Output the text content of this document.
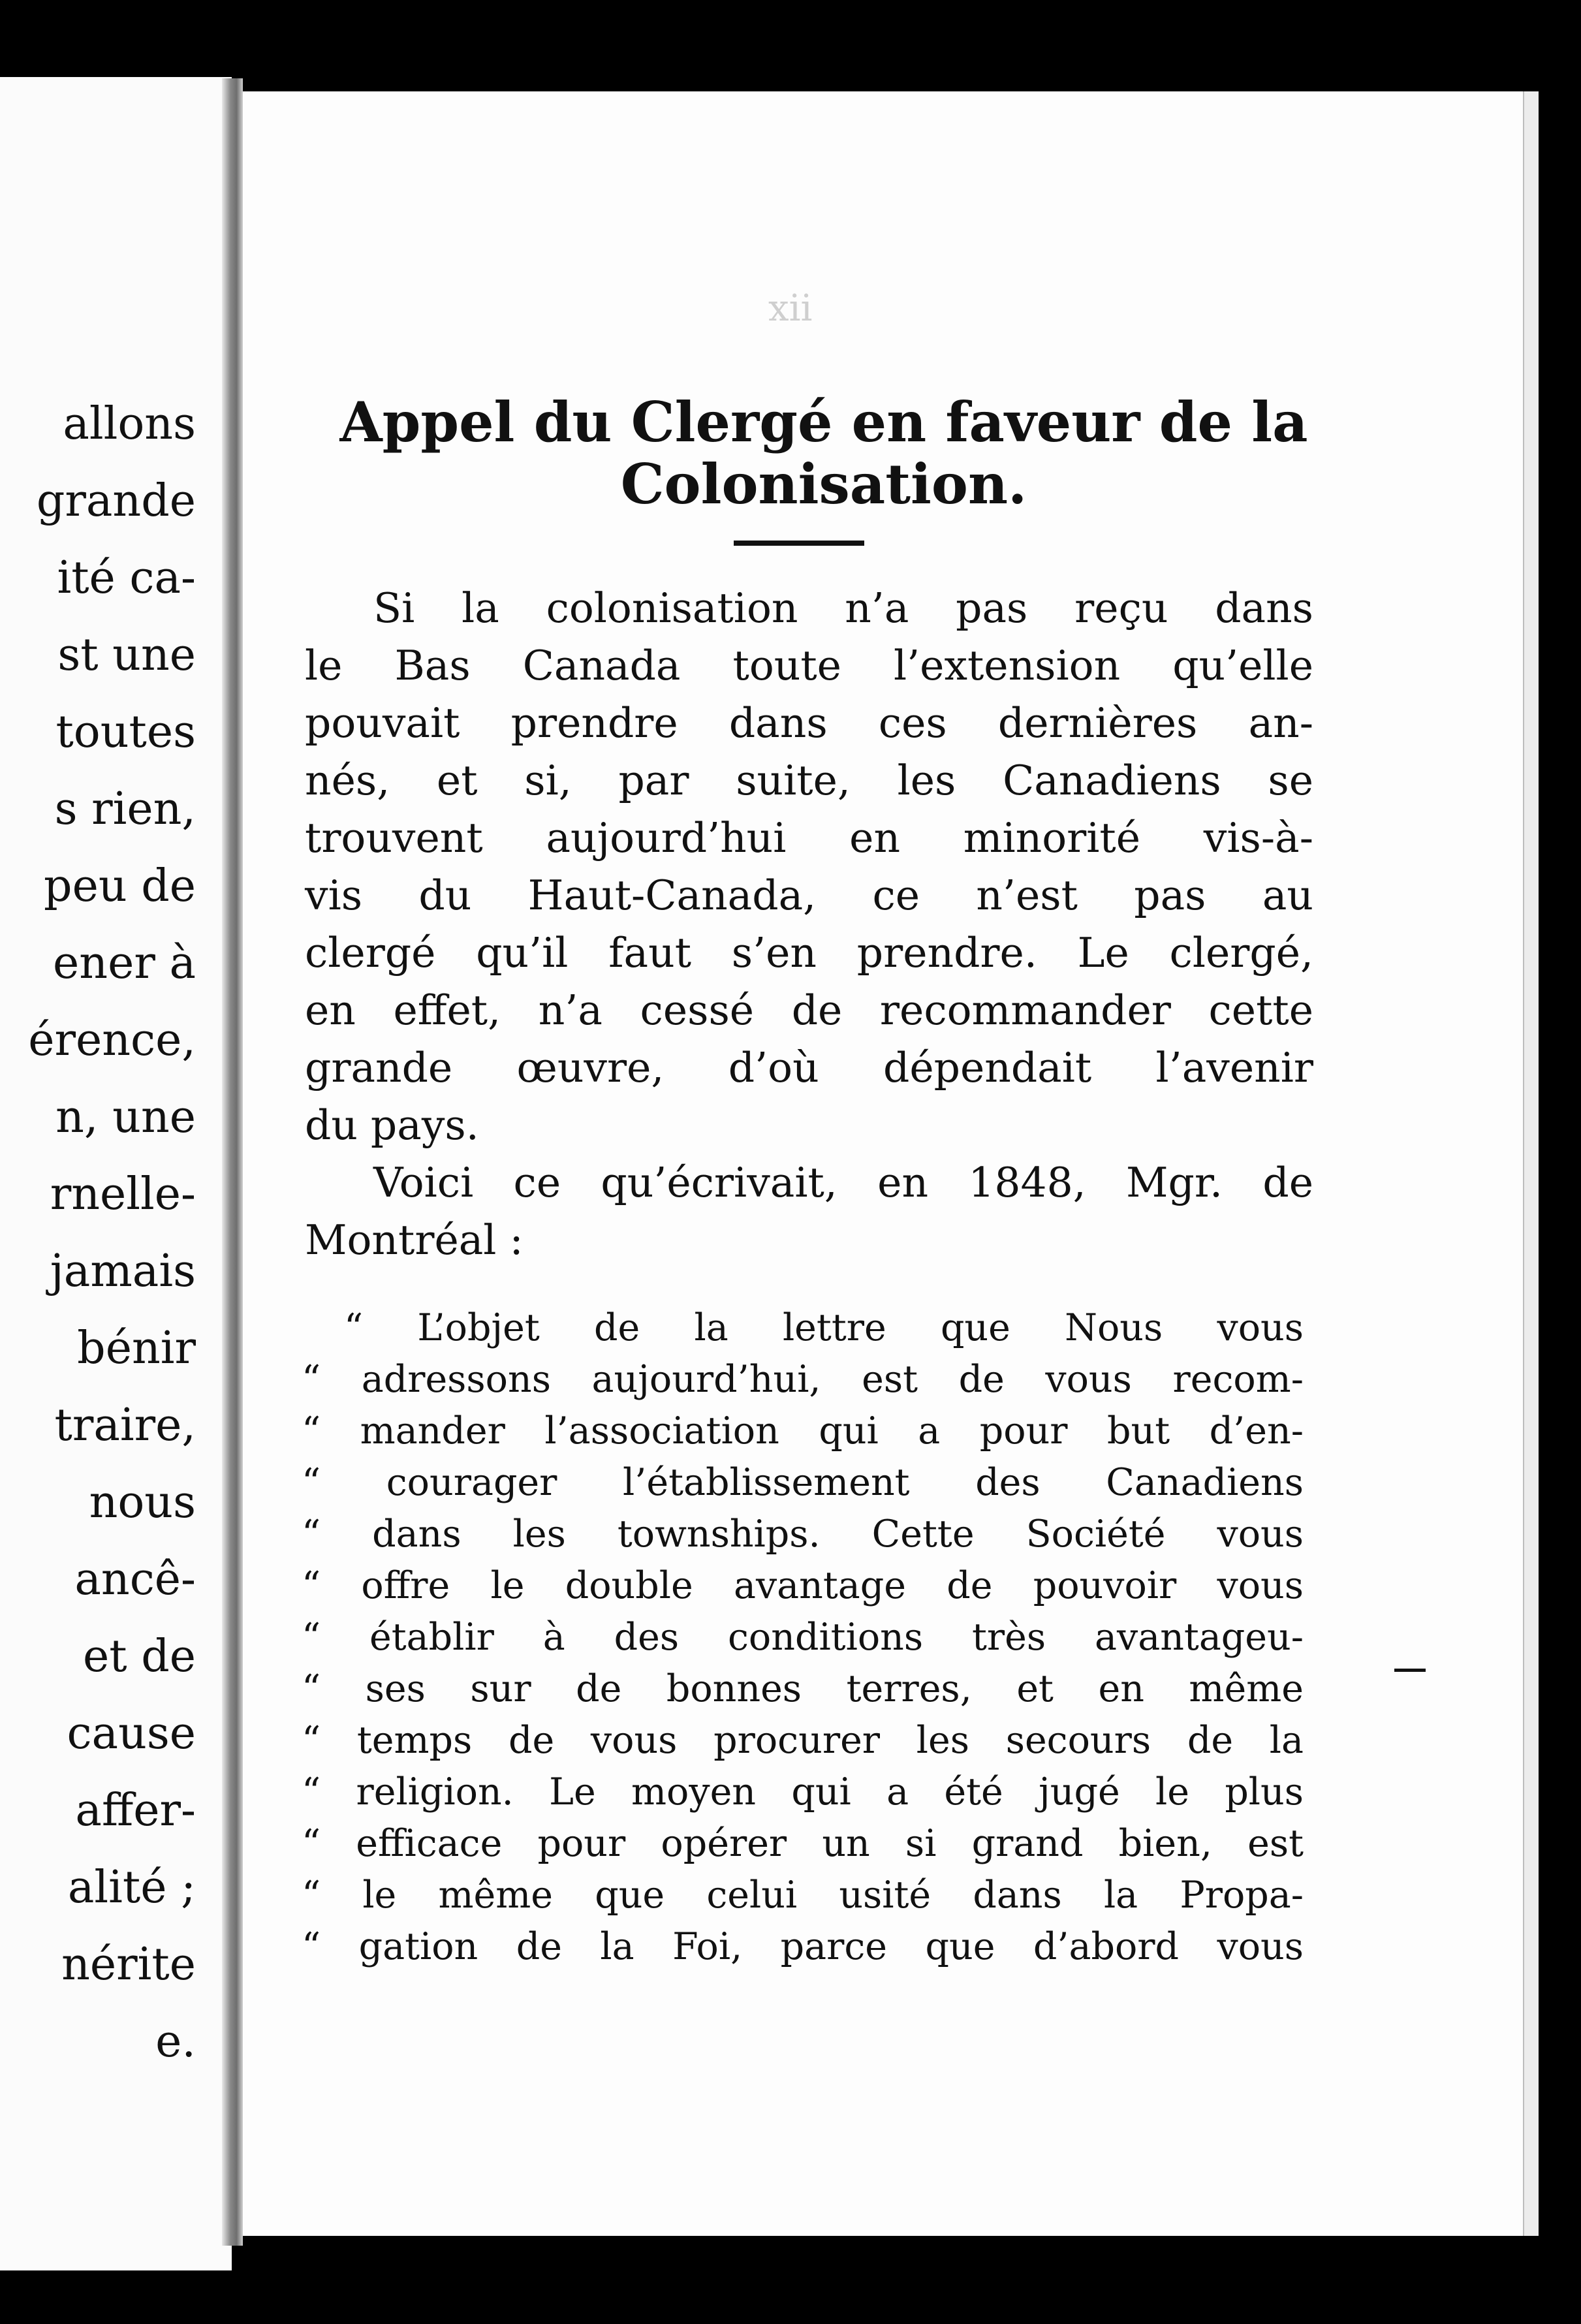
allons
grande
ité ca-
st une
toutes
s rien,
peu de
ener à
érence,
n, une
rnelle-
jamais
bénir
traire,
nous
ancê-
et de
cause
affer-
alité ;
nérite
e.
xii
Appel du Clergé en faveur de la Colonisation.
Si la colonisation n’a pas reçu dans
le Bas Canada toute l’extension qu’elle
pouvait prendre dans ces dernières an-
nés, et si, par suite, les Canadiens se
trouvent aujourd’hui en minorité vis-à-
vis du Haut-Canada, ce n’est pas au
clergé qu’il faut s’en prendre. Le clergé,
en effet, n’a cessé de recommander cette
grande œuvre, d’où dépendait l’avenir
du pays.
Voici ce qu’écrivait, en 1848, Mgr. de
Montréal :
“ L’objet de la lettre que Nous vous
“ adressons aujourd’hui, est de vous recom-
“ mander l’association qui a pour but d’en-
“ courager l’établissement des Canadiens
“ dans les townships. Cette Société vous
“ offre le double avantage de pouvoir vous
“ établir à des conditions très avantageu-
“ ses sur de bonnes terres, et en même
“ temps de vous procurer les secours de la
“ religion. Le moyen qui a été jugé le plus
“ efficace pour opérer un si grand bien, est
“ le même que celui usité dans la Propa-
“ gation de la Foi, parce que d’abord vous
